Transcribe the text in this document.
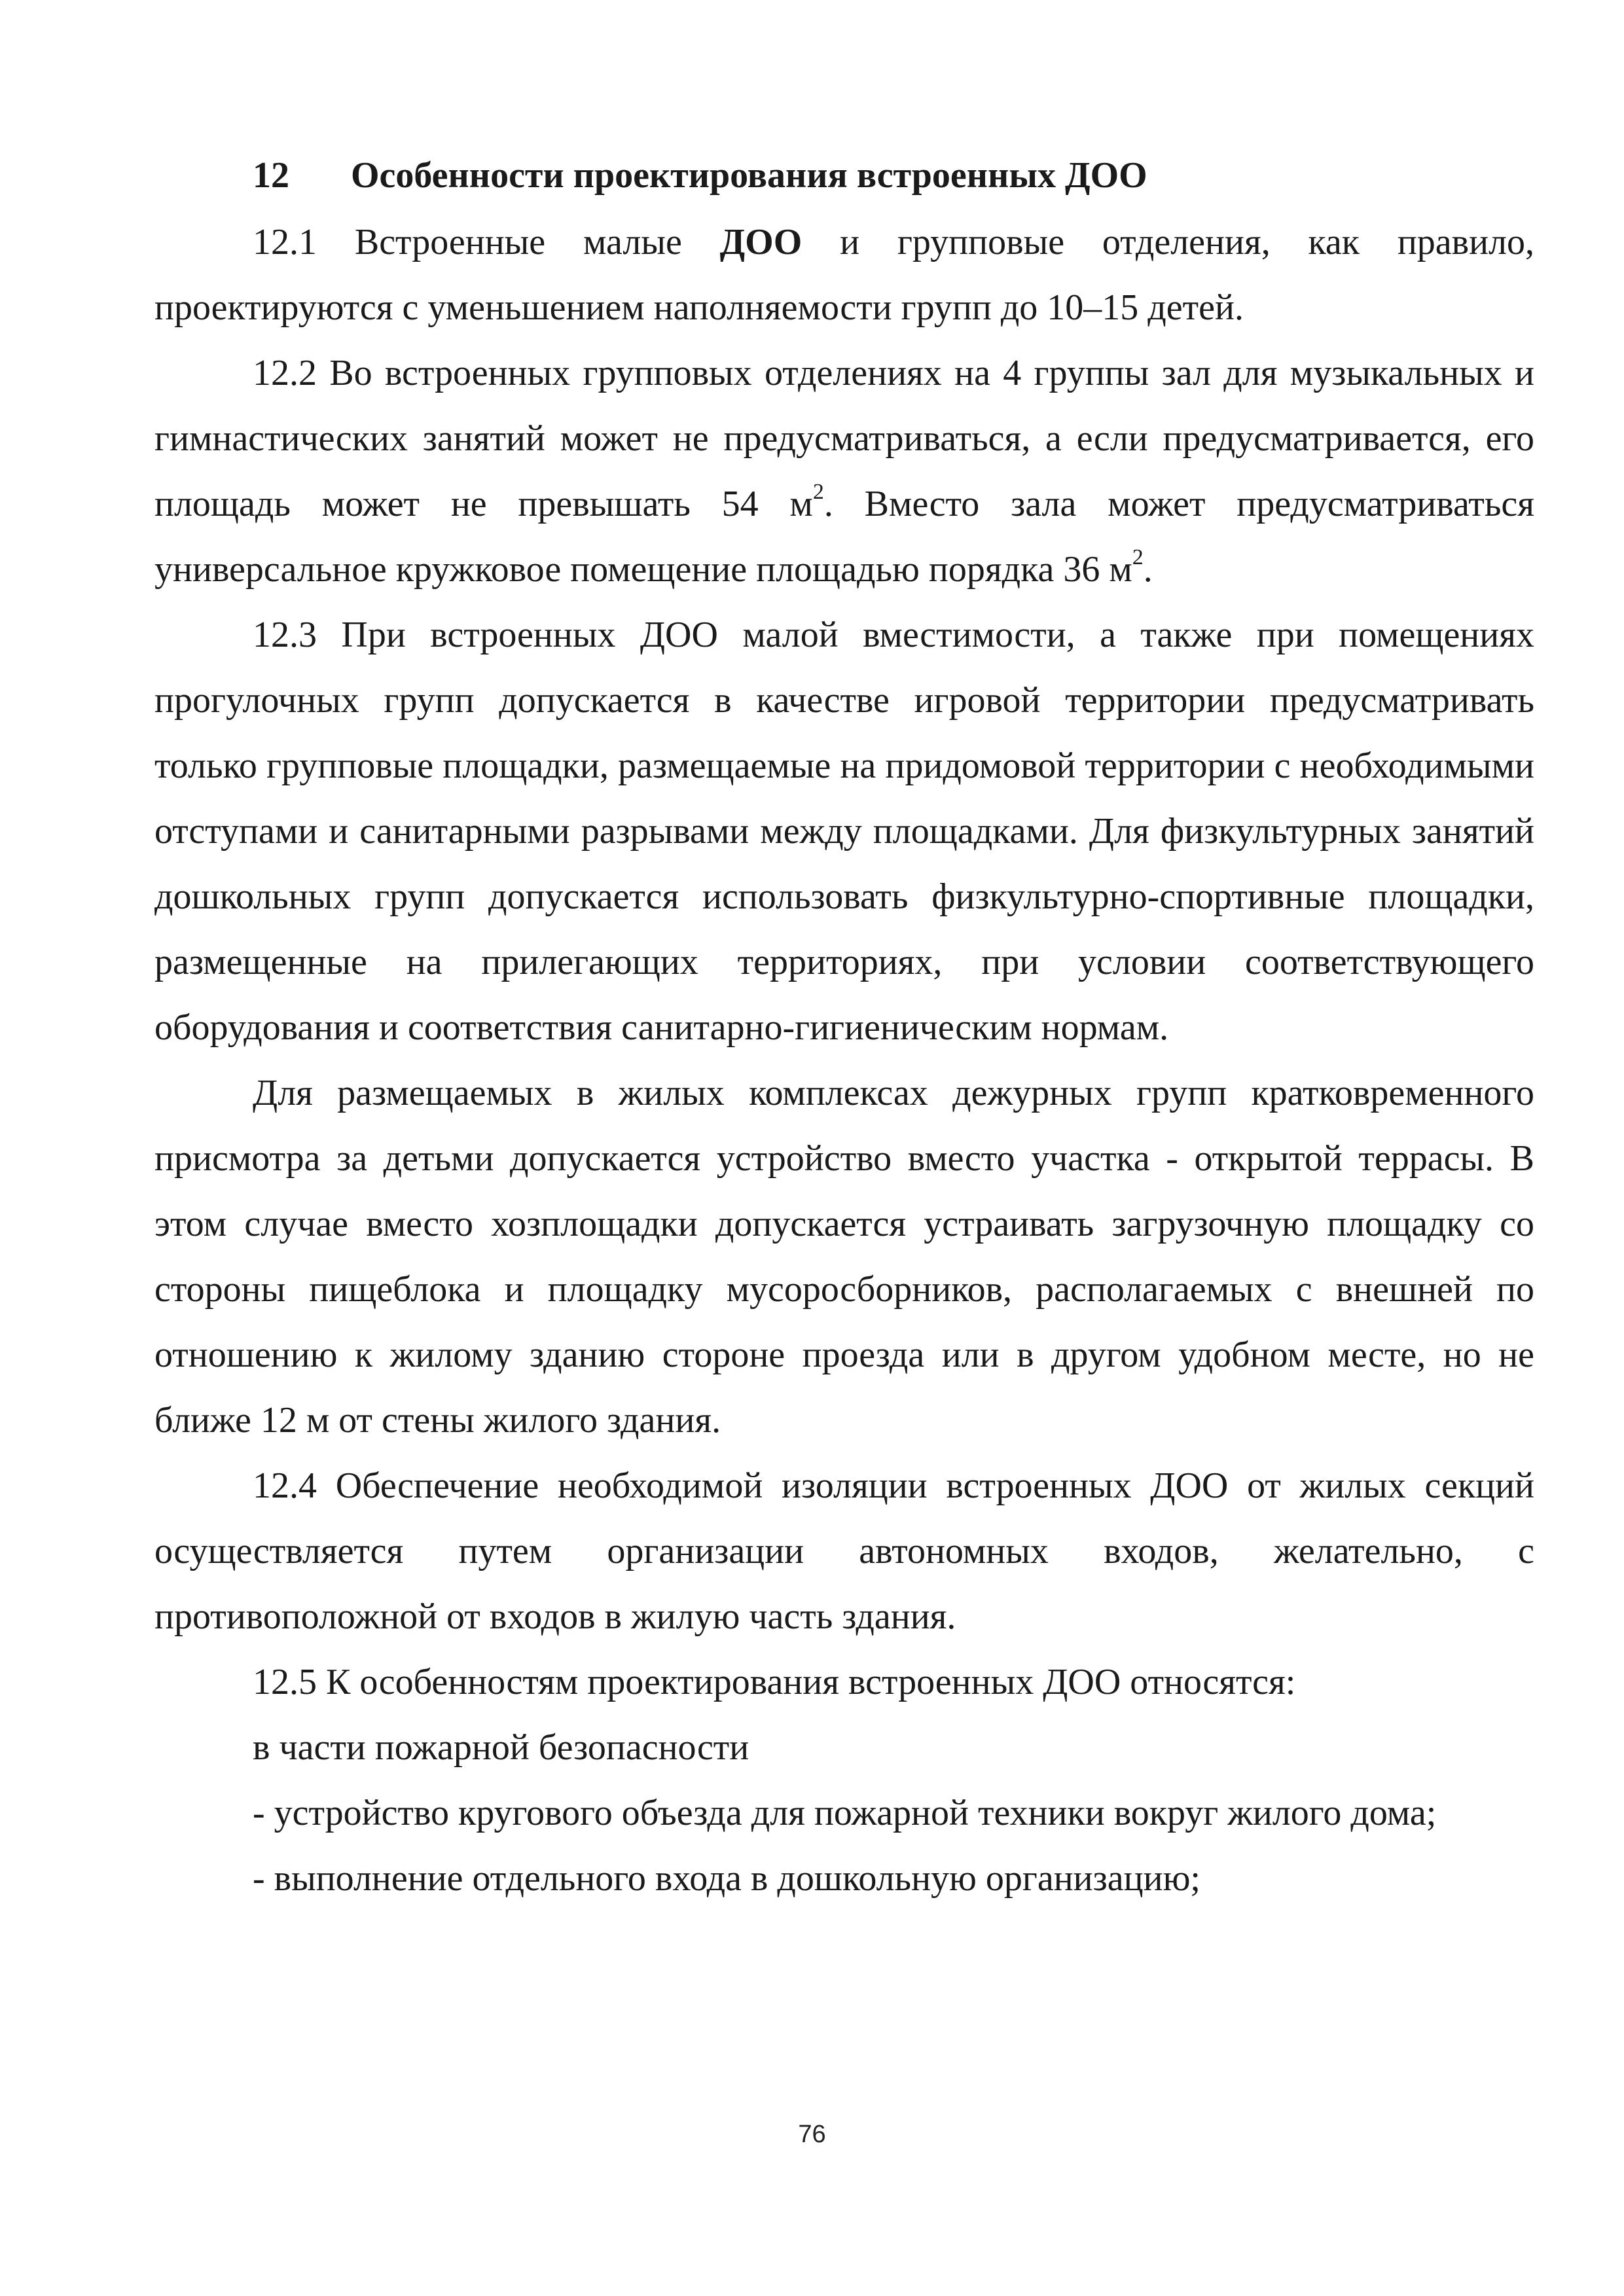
12 Особенности проектирования встроенных ДОО

12.1 Встроенные малые ДОО и групповые отделения, как правило, проектируются с уменьшением наполняемости групп до 10–15 детей.

12.2 Во встроенных групповых отделениях на 4 группы зал для музыкальных и гимнастических занятий может не предусматриваться, а если предусматривается, его площадь может не превышать 54 $м^2$. Вместо зала может предусматриваться универсальное кружковое помещение площадью порядка 36 $м^2$.

12.3 При встроенных ДОО малой вместимости, а также при помещениях прогулочных групп допускается в качестве игровой территории предусматривать только групповые площадки, размещаемые на придомовой территории с необходимыми отступами и санитарными разрывами между площадками. Для физкультурных занятий дошкольных групп допускается использовать физкультурно-спортивные площадки, размещенные на прилегающих территориях, при условии соответствующего оборудования и соответствия санитарно-гигиеническим нормам.

Для размещаемых в жилых комплексах дежурных групп кратковременного присмотра за детьми допускается устройство вместо участка - открытой террасы. В этом случае вместо хозплощадки допускается устраивать загрузочную площадку со стороны пищеблока и площадку мусоросборников, располагаемых с внешней по отношению к жилому зданию стороне проезда или в другом удобном месте, но не ближе 12 м от стены жилого здания.

12.4 Обеспечение необходимой изоляции встроенных ДОО от жилых секций осуществляется путем организации автономных входов, желательно, с противоположной от входов в жилую часть здания.

12.5 К особенностям проектирования встроенных ДОО относятся:

в части пожарной безопасности

- устройство кругового объезда для пожарной техники вокруг жилого дома;

- выполнение отдельного входа в дошкольную организацию;

76
